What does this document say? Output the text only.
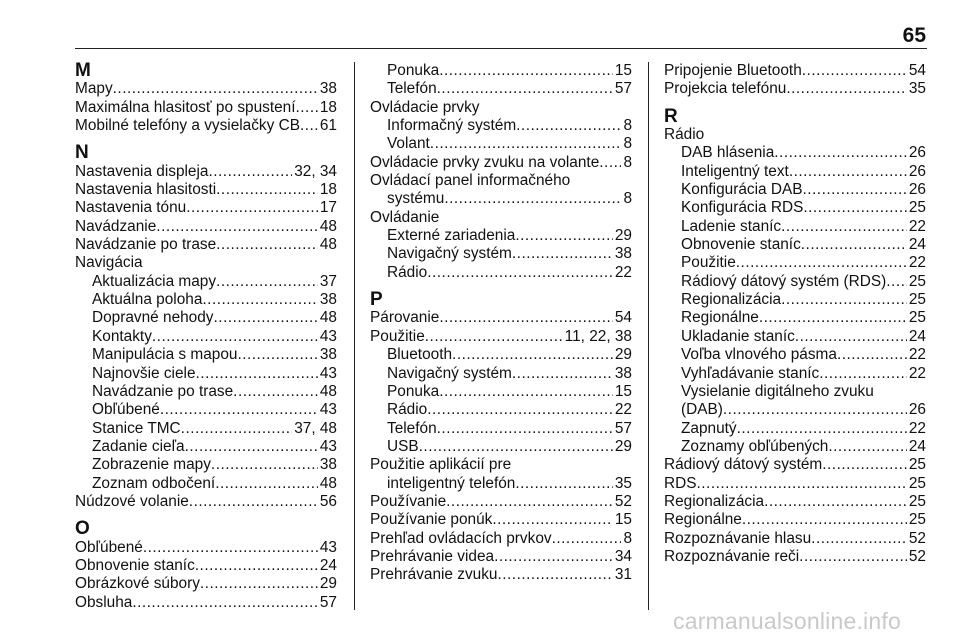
65
M
Mapy .....	38
Maximálna hlasitosť po spustení ..... 18
Mobilné telefóny a vysielačky CB ..... 61
N
Nastavenia displeja .....	32, 34
Nastavenia hlasitosti .....	18
Nastavenia tónu .....	17
Navádzanie .....	48
Navádzanie po trase .....	48
Navigácia
Aktualizácia mapy .....	37
Aktuálna poloha .....	38
Dopravné nehody .....	48
Kontakty .....	43
Manipulácia s mapou .....	38
Najnovšie ciele .....	43
Navádzanie po trase .....	48
Obľúbené .....	43
Stanice TMC .....	37, 48
Zadanie cieľa .....	43
Zobrazenie mapy .....	38
Zoznam odbočení .....	48
Núdzové volanie .....	56
O
Obľúbené .....	43
Obnovenie staníc .....	24
Obrázkové súbory .....	29
Obsluha .....	57
Ponuka .....	15
Telefón .....	57
Ovládacie prvky
Informačný systém .....	8
Volant .....	8
Ovládacie prvky zvuku na volante ..... 8
Ovládací panel informačného
systému .....	8
Ovládanie
Externé zariadenia .....	29
Navigačný systém .....	38
Rádio .....	22
P
Párovanie .....	54
Použitie .....	11, 22, 38
Bluetooth .....	29
Navigačný systém .....	38
Ponuka .....	15
Rádio .....	22
Telefón .....	57
USB .....	29
Použitie aplikácií pre
inteligentný telefón .....	35
Používanie .....	52
Používanie ponúk .....	15
Prehľad ovládacích prvkov .....	8
Prehrávanie videa .....	34
Prehrávanie zvuku .....	31
Pripojenie Bluetooth .....	54
Projekcia telefónu .....	35
R
Rádio
DAB hlásenia .....	26
Inteligentný text .....	26
Konfigurácia DAB .....	26
Konfigurácia RDS .....	25
Ladenie staníc .....	22
Obnovenie staníc .....	24
Použitie .....	22
Rádiový dátový systém (RDS) ..... 25
Regionalizácia .....	25
Regionálne .....	25
Ukladanie staníc .....	24
Voľba vlnového pásma .....	22
Vyhľadávanie staníc .....	22
Vysielanie digitálneho zvuku
(DAB) .....	26
Zapnutý .....	22
Zoznamy obľúbených .....	24
Rádiový dátový systém .....	25
RDS .....	25
Regionalizácia .....	25
Regionálne .....	25
Rozpoznávanie hlasu .....	52
Rozpoznávanie reči .....	52
carmanualsonline.info
